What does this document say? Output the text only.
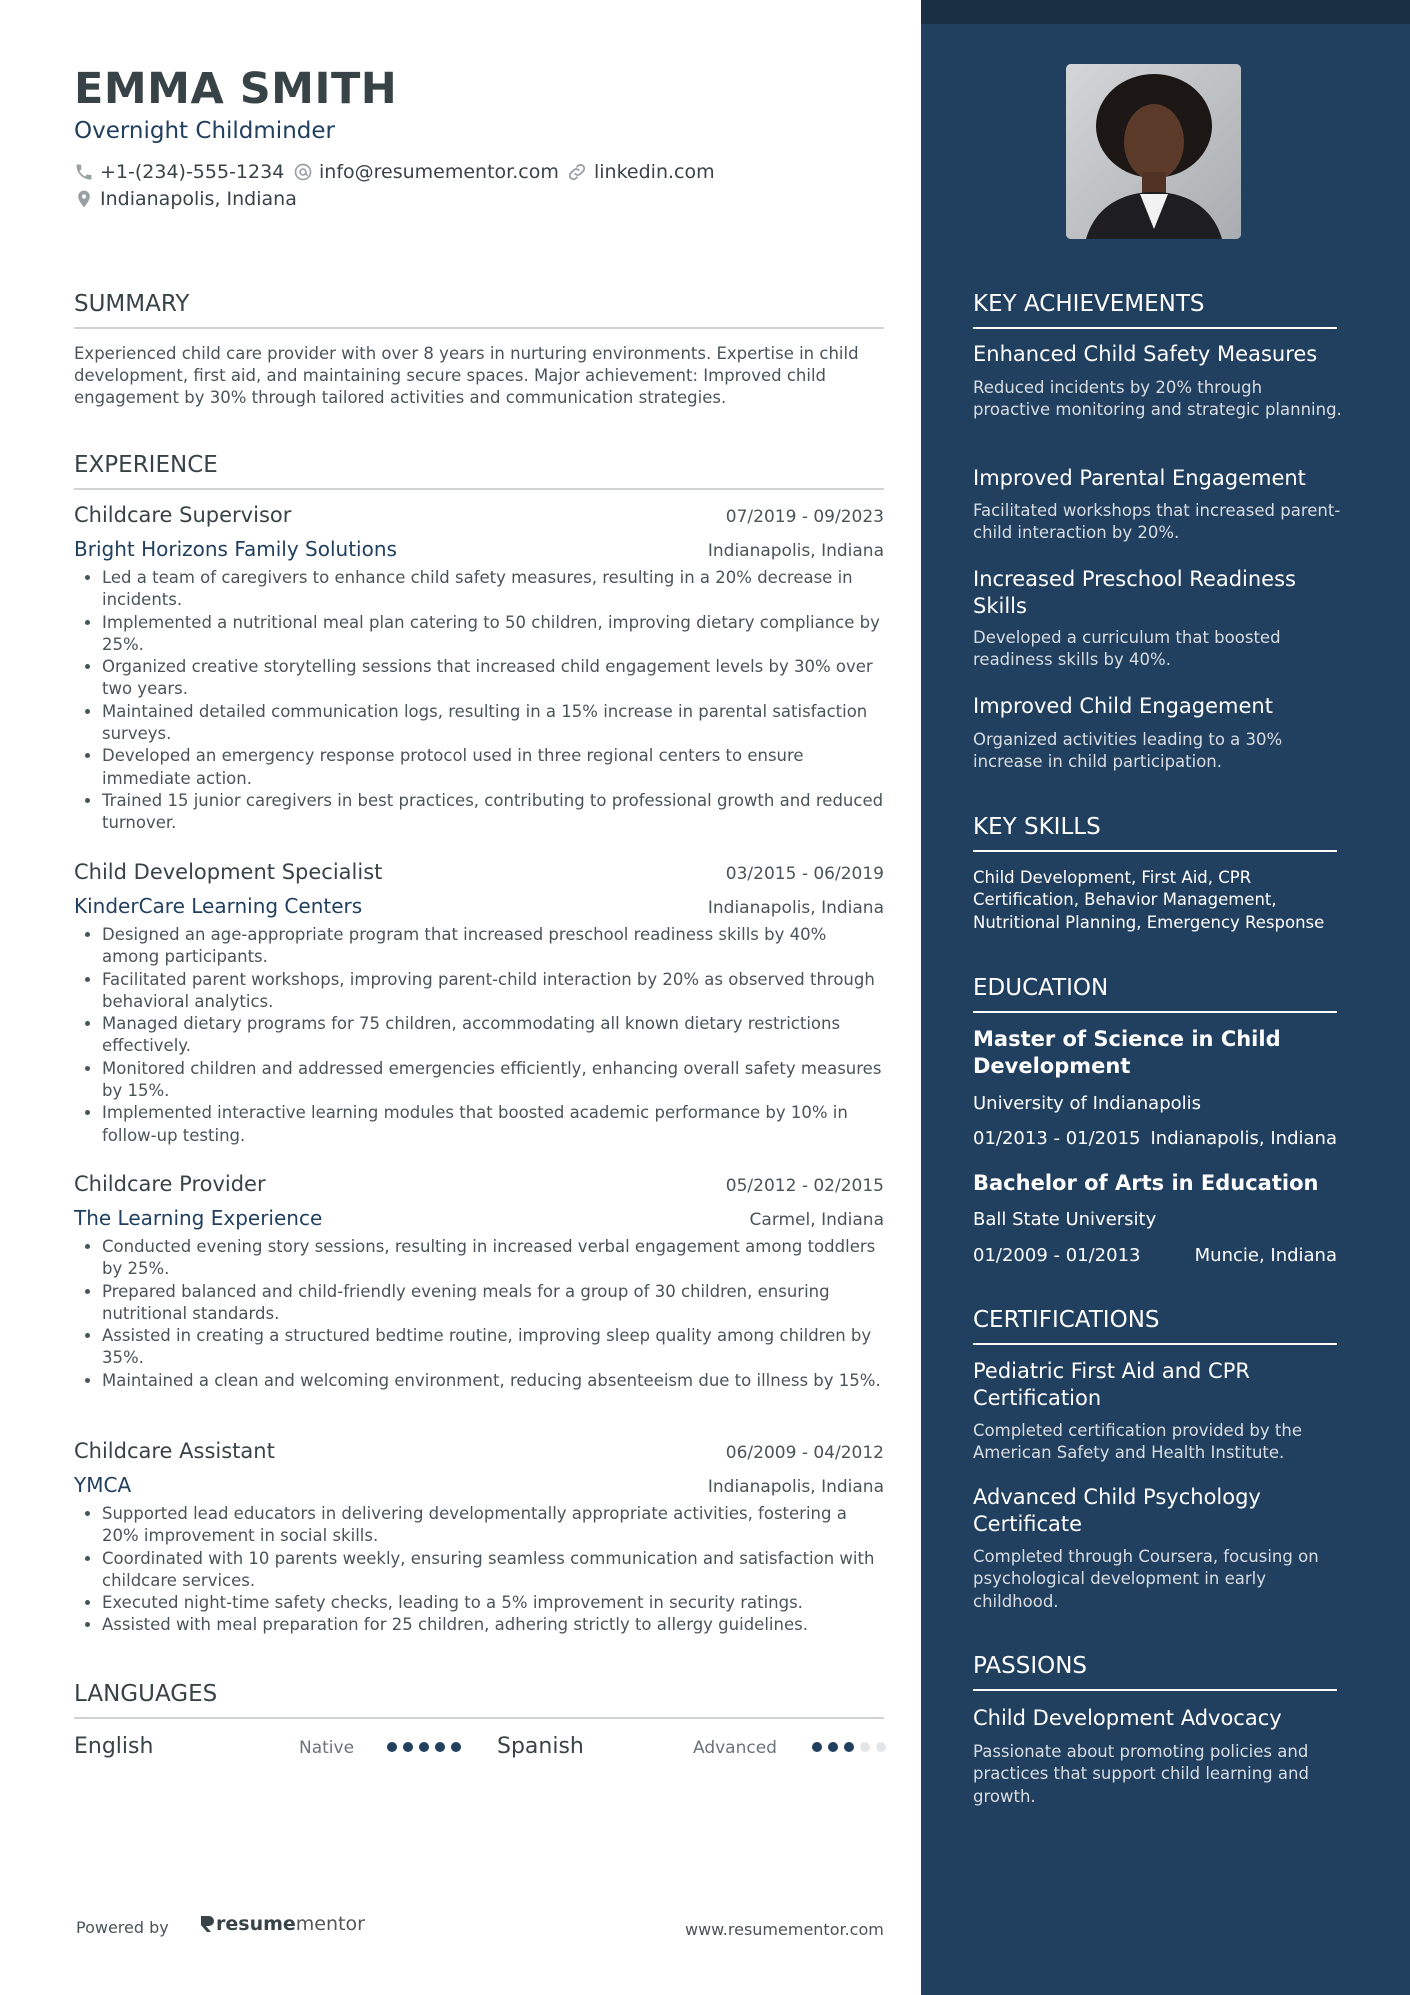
EMMA SMITH
Overnight Childminder
+1-(234)-555-1234 info@resumementor.com linkedin.com
Indianapolis, Indiana
SUMMARY
Experienced child care provider with over 8 years in nurturing environments. Expertise in child development, first aid, and maintaining secure spaces. Major achievement: Improved child engagement by 30% through tailored activities and communication strategies.
EXPERIENCE
Childcare Supervisor	07/2019 - 09/2023
Bright Horizons Family Solutions	Indianapolis, Indiana
• Led a team of caregivers to enhance child safety measures, resulting in a 20% decrease in incidents.
• Implemented a nutritional meal plan catering to 50 children, improving dietary compliance by 25%.
• Organized creative storytelling sessions that increased child engagement levels by 30% over two years.
• Maintained detailed communication logs, resulting in a 15% increase in parental satisfaction surveys.
• Developed an emergency response protocol used in three regional centers to ensure immediate action.
• Trained 15 junior caregivers in best practices, contributing to professional growth and reduced turnover.
Child Development Specialist	03/2015 - 06/2019
KinderCare Learning Centers	Indianapolis, Indiana
• Designed an age-appropriate program that increased preschool readiness skills by 40% among participants.
• Facilitated parent workshops, improving parent-child interaction by 20% as observed through behavioral analytics.
• Managed dietary programs for 75 children, accommodating all known dietary restrictions effectively.
• Monitored children and addressed emergencies efficiently, enhancing overall safety measures by 15%.
• Implemented interactive learning modules that boosted academic performance by 10% in follow-up testing.
Childcare Provider	05/2012 - 02/2015
The Learning Experience	Carmel, Indiana
• Conducted evening story sessions, resulting in increased verbal engagement among toddlers by 25%.
• Prepared balanced and child-friendly evening meals for a group of 30 children, ensuring nutritional standards.
• Assisted in creating a structured bedtime routine, improving sleep quality among children by 35%.
• Maintained a clean and welcoming environment, reducing absenteeism due to illness by 15%.
Childcare Assistant	06/2009 - 04/2012
YMCA	Indianapolis, Indiana
• Supported lead educators in delivering developmentally appropriate activities, fostering a 20% improvement in social skills.
• Coordinated with 10 parents weekly, ensuring seamless communication and satisfaction with childcare services.
• Executed night-time safety checks, leading to a 5% improvement in security ratings.
• Assisted with meal preparation for 25 children, adhering strictly to allergy guidelines.
LANGUAGES
English	Native	Spanish	Advanced
Powered by resume mentor	www.resumementor.com
KEY ACHIEVEMENTS
Enhanced Child Safety Measures
Reduced incidents by 20% through proactive monitoring and strategic planning.
Improved Parental Engagement
Facilitated workshops that increased parent-child interaction by 20%.
Increased Preschool Readiness Skills
Developed a curriculum that boosted readiness skills by 40%.
Improved Child Engagement
Organized activities leading to a 30% increase in child participation.
KEY SKILLS
Child Development, First Aid, CPR Certification, Behavior Management, Nutritional Planning, Emergency Response
EDUCATION
Master of Science in Child Development
University of Indianapolis
01/2013 - 01/2015 Indianapolis, Indiana
Bachelor of Arts in Education
Ball State University
01/2009 - 01/2013	Muncie, Indiana
CERTIFICATIONS
Pediatric First Aid and CPR Certification
Completed certification provided by the American Safety and Health Institute.
Advanced Child Psychology Certificate
Completed through Coursera, focusing on psychological development in early childhood.
PASSIONS
Child Development Advocacy
Passionate about promoting policies and practices that support child learning and growth.
